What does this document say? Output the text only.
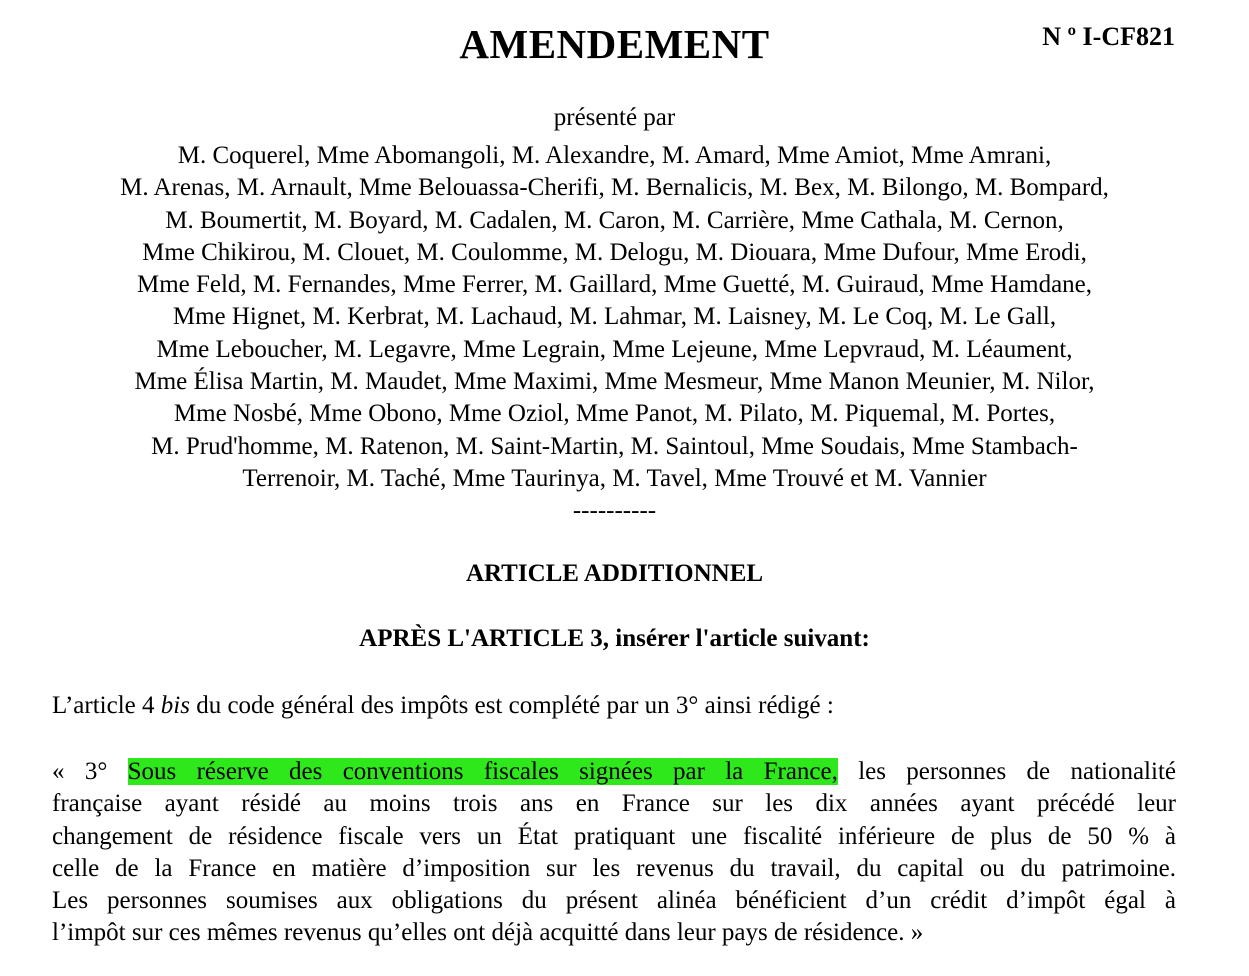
AMENDEMENT	N º I-CF821
présenté par
M. Coquerel, Mme Abomangoli, M. Alexandre, M. Amard, Mme Amiot, Mme Amrani,
M. Arenas, M. Arnault, Mme Belouassa-Cherifi, M. Bernalicis, M. Bex, M. Bilongo, M. Bompard,
M. Boumertit, M. Boyard, M. Cadalen, M. Caron, M. Carrière, Mme Cathala, M. Cernon,
Mme Chikirou, M. Clouet, M. Coulomme, M. Delogu, M. Diouara, Mme Dufour, Mme Erodi,
Mme Feld, M. Fernandes, Mme Ferrer, M. Gaillard, Mme Guetté, M. Guiraud, Mme Hamdane,
Mme Hignet, M. Kerbrat, M. Lachaud, M. Lahmar, M. Laisney, M. Le Coq, M. Le Gall,
Mme Leboucher, M. Legavre, Mme Legrain, Mme Lejeune, Mme Lepvraud, M. Léaument,
Mme Élisa Martin, M. Maudet, Mme Maximi, Mme Mesmeur, Mme Manon Meunier, M. Nilor,
Mme Nosbé, Mme Obono, Mme Oziol, Mme Panot, M. Pilato, M. Piquemal, M. Portes,
M. Prud'homme, M. Ratenon, M. Saint-Martin, M. Saintoul, Mme Soudais, Mme Stambach-
Terrenoir, M. Taché, Mme Taurinya, M. Tavel, Mme Trouvé et M. Vannier
----------
ARTICLE ADDITIONNEL
APRÈS L'ARTICLE 3, insérer l'article suivant:
L’article 4 bis du code général des impôts est complété par un 3° ainsi rédigé :
« 3° Sous réserve des conventions fiscales signées par la France, les personnes de nationalité
française ayant résidé au moins trois ans en France sur les dix années ayant précédé leur
changement de résidence fiscale vers un État pratiquant une fiscalité inférieure de plus de 50 % à
celle de la France en matière d’imposition sur les revenus du travail, du capital ou du patrimoine.
Les personnes soumises aux obligations du présent alinéa bénéficient d’un crédit d’impôt égal à
l’impôt sur ces mêmes revenus qu’elles ont déjà acquitté dans leur pays de résidence. »
